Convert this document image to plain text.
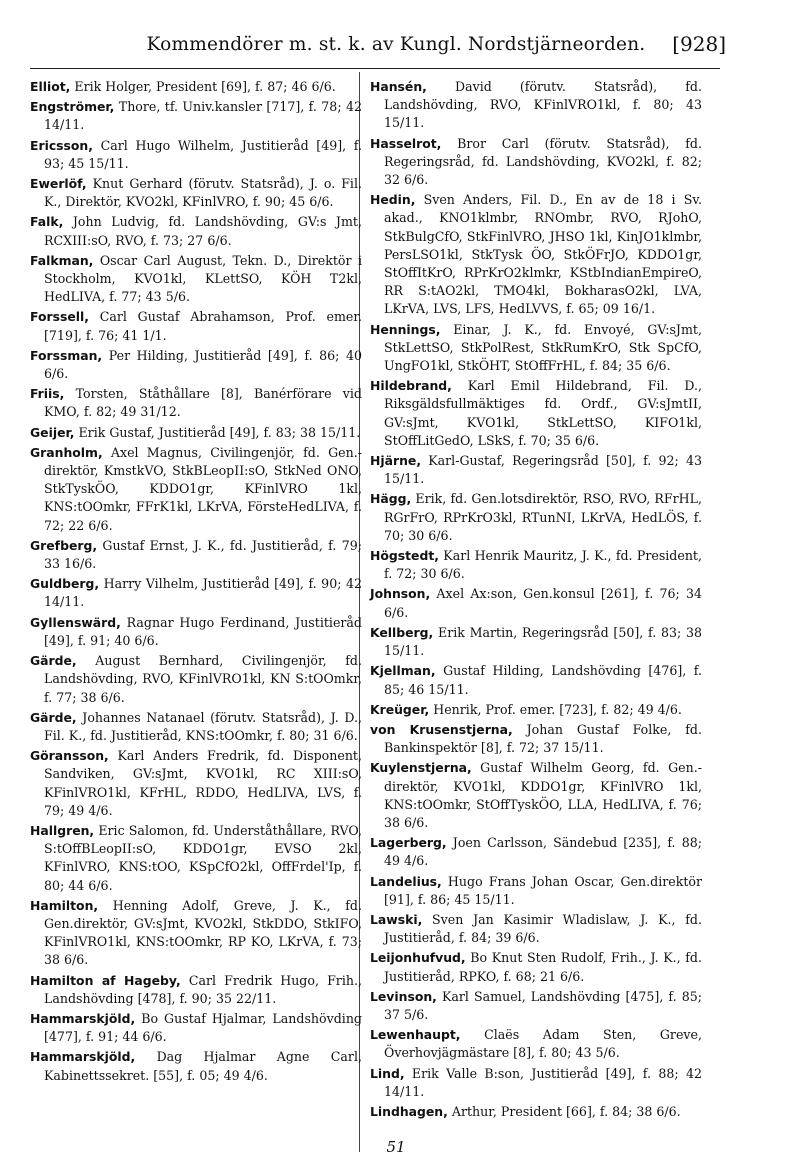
Kommendörer m. st. k. av Kungl. Nordstjärneorden.	[928]
Elliot, Erik Holger, President [69], f. 87; 46 6/6.
Engströmer, Thore, tf. Univ.kansler [717], f. 78; 42 14/11.
Ericsson, Carl Hugo Wilhelm, Justitieråd [49], f. 93; 45 15/11.
Ewerlöf, Knut Gerhard (förutv. Statsråd), J. o. Fil. K., Direktör, KVO2kl, KFinlVRO, f. 90; 45 6/6.
Falk, John Ludvig, fd. Landshövding, GV:s Jmt, RCXIII:sO, RVO, f. 73; 27 6/6.
Falkman, Oscar Carl August, Tekn. D., Direktör i Stockholm, KVO1kl, KLettSO, KÖH T2kl, HedLIVA, f. 77; 43 5/6.
Forssell, Carl Gustaf Abrahamson, Prof. emer. [719], f. 76; 41 1/1.
Forssman, Per Hilding, Justitieråd [49], f. 86; 40 6/6.
Friis, Torsten, Ståthållare [8], Banérförare vid KMO, f. 82; 49 31/12.
Geijer, Erik Gustaf, Justitieråd [49], f. 83; 38 15/11.
Granholm, Axel Magnus, Civilingenjör, fd. Gen.-direktör, KmstkVO, StkBLeopII:sO, StkNed ONO, StkTyskÖO, KDDO1gr, KFinlVRO 1kl, KNS:tOOmkr, FFrK1kl, LKrVA, FörsteHedLIVA, f. 72; 22 6/6.
Grefberg, Gustaf Ernst, J. K., fd. Justitieråd, f. 79; 33 16/6.
Guldberg, Harry Vilhelm, Justitieråd [49], f. 90; 42 14/11.
Gyllenswärd, Ragnar Hugo Ferdinand, Justitieråd [49], f. 91; 40 6/6.
Gärde, August Bernhard, Civilingenjör, fd. Landshövding, RVO, KFinlVRO1kl, KN S:tOOmkr, f. 77; 38 6/6.
Gärde, Johannes Natanael (förutv. Statsråd), J. D., Fil. K., fd. Justitieråd, KNS:tOOmkr, f. 80; 31 6/6.
Göransson, Karl Anders Fredrik, fd. Disponent, Sandviken, GV:sJmt, KVO1kl, RC XIII:sO, KFinlVRO1kl, KFrHL, RDDO, HedLIVA, LVS, f. 79; 49 4/6.
Hallgren, Eric Salomon, fd. Underståthållare, RVO, S:tOffBLeopII:sO, KDDO1gr, EVSO 2kl, KFinlVRO, KNS:tOO, KSpCfO2kl, OffFrdel'Ip, f. 80; 44 6/6.
Hamilton, Henning Adolf, Greve, J. K., fd. Gen.direktör, GV:sJmt, KVO2kl, StkDDO, StkIFO, KFinlVRO1kl, KNS:tOOmkr, RP KO, LKrVA, f. 73; 38 6/6.
Hamilton af Hageby, Carl Fredrik Hugo, Frih., Landshövding [478], f. 90; 35 22/11.
Hammarskjöld, Bo Gustaf Hjalmar, Landshövding [477], f. 91; 44 6/6.
Hammarskjöld, Dag Hjalmar Agne Carl, Kabinettssekret. [55], f. 05; 49 4/6.
Hansén, David (förutv. Statsråd), fd. Landshövding, RVO, KFinlVRO1kl, f. 80; 43 15/11.
Hasselrot, Bror Carl (förutv. Statsråd), fd. Regeringsråd, fd. Landshövding, KVO2kl, f. 82; 32 6/6.
Hedin, Sven Anders, Fil. D., En av de 18 i Sv. akad., KNO1klmbr, RNOmbr, RVO, RJohO, StkBulgCfO, StkFinlVRO, JHSO 1kl, KinJO1klmbr, PersLSO1kl, StkTysk ÖO, StkÖFrJO, KDDO1gr, StOffItKrO, RPrKrO2klmkr, KStbIndianEmpireO, RR S:tAO2kl, TMO4kl, BokharasO2kl, LVA, LKrVA, LVS, LFS, HedLVVS, f. 65; 09 16/1.
Hennings, Einar, J. K., fd. Envoyé, GV:sJmt, StkLettSO, StkPolRest, StkRumKrO, Stk SpCfO, UngFO1kl, StkÖHT, StOffFrHL, f. 84; 35 6/6.
Hildebrand, Karl Emil Hildebrand, Fil. D., Riksgäldsfullmäktiges fd. Ordf., GV:sJmtII, GV:sJmt, KVO1kl, StkLettSO, KIFO1kl, StOffLitGedO, LSkS, f. 70; 35 6/6.
Hjärne, Karl-Gustaf, Regeringsråd [50], f. 92; 43 15/11.
Hägg, Erik, fd. Gen.lotsdirektör, RSO, RVO, RFrHL, RGrFrO, RPrKrO3kl, RTunNI, LKrVA, HedLÖS, f. 70; 30 6/6.
Högstedt, Karl Henrik Mauritz, J. K., fd. President, f. 72; 30 6/6.
Johnson, Axel Ax:son, Gen.konsul [261], f. 76; 34 6/6.
Kellberg, Erik Martin, Regeringsråd [50], f. 83; 38 15/11.
Kjellman, Gustaf Hilding, Landshövding [476], f. 85; 46 15/11.
Kreüger, Henrik, Prof. emer. [723], f. 82; 49 4/6.
von Krusenstjerna, Johan Gustaf Folke, fd. Bankinspektör [8], f. 72; 37 15/11.
Kuylenstjerna, Gustaf Wilhelm Georg, fd. Gen.-direktör, KVO1kl, KDDO1gr, KFinlVRO 1kl, KNS:tOOmkr, StOffTyskÖO, LLA, HedLIVA, f. 76; 38 6/6.
Lagerberg, Joen Carlsson, Sändebud [235], f. 88; 49 4/6.
Landelius, Hugo Frans Johan Oscar, Gen.direktör [91], f. 86; 45 15/11.
Lawski, Sven Jan Kasimir Wladislaw, J. K., fd. Justitieråd, f. 84; 39 6/6.
Leijonhufvud, Bo Knut Sten Rudolf, Frih., J. K., fd. Justitieråd, RPKO, f. 68; 21 6/6.
Levinson, Karl Samuel, Landshövding [475], f. 85; 37 5/6.
Lewenhaupt, Claës Adam Sten, Greve, Överhovjägmästare [8], f. 80; 43 5/6.
Lind, Erik Valle B:son, Justitieråd [49], f. 88; 42 14/11.
Lindhagen, Arthur, President [66], f. 84; 38 6/6.
51
